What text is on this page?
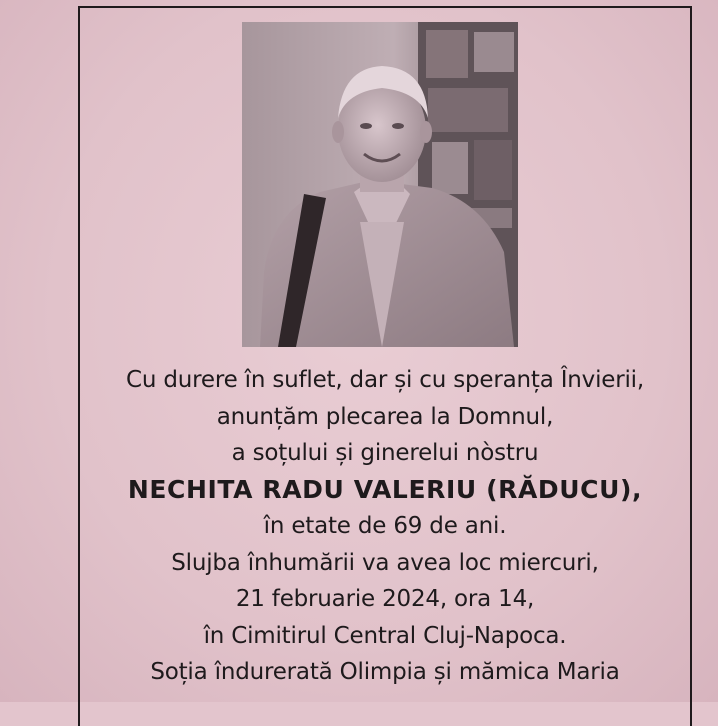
Cu durere în suflet, dar și cu speranța Învierii,
anunțăm plecarea la Domnul,
a soțului și ginerelui nòstru
NECHITA RADU VALERIU (RĂDUCU),
în etate de 69 de ani.
Slujba înhumării va avea loc miercuri,
21 februarie 2024, ora 14,
în Cimitirul Central Cluj-Napoca.
Soția îndurerată Olimpia și mămica Maria
